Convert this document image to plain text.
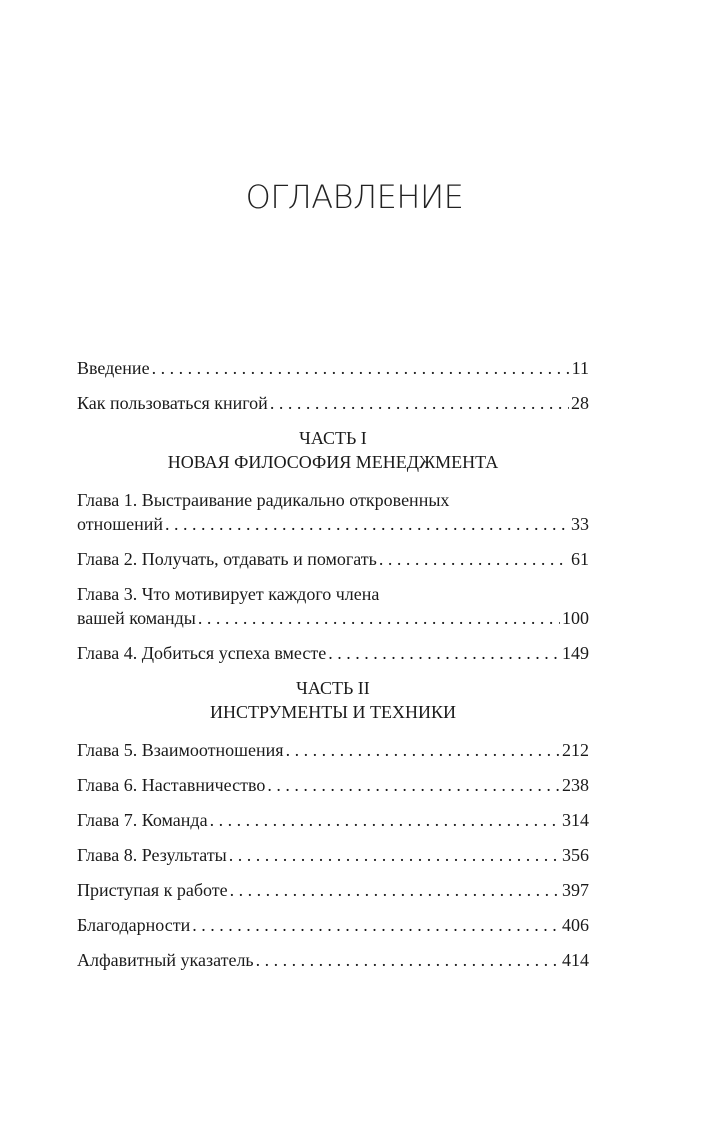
ОГЛАВЛЕНИЕ
Введение . . .	11
Как пользоваться книгой . . .	28
ЧАСТЬ I
НОВАЯ ФИЛОСОФИЯ МЕНЕДЖМЕНТА
Глава 1. Выстраивание радикально откровенных
отношений . . .	33
Глава 2. Получать, отдавать и помогать . . .	61
Глава 3. Что мотивирует каждого члена
вашей команды . . .	100
Глава 4. Добиться успеха вместе . . .	149
ЧАСТЬ II
ИНСТРУМЕНТЫ И ТЕХНИКИ
Глава 5. Взаимоотношения . . .	212
Глава 6. Наставничество . . .	238
Глава 7. Команда . . .	314
Глава 8. Результаты . . .	356
Приступая к работе . . .	397
Благодарности . . .	406
Алфавитный указатель . . .	414
